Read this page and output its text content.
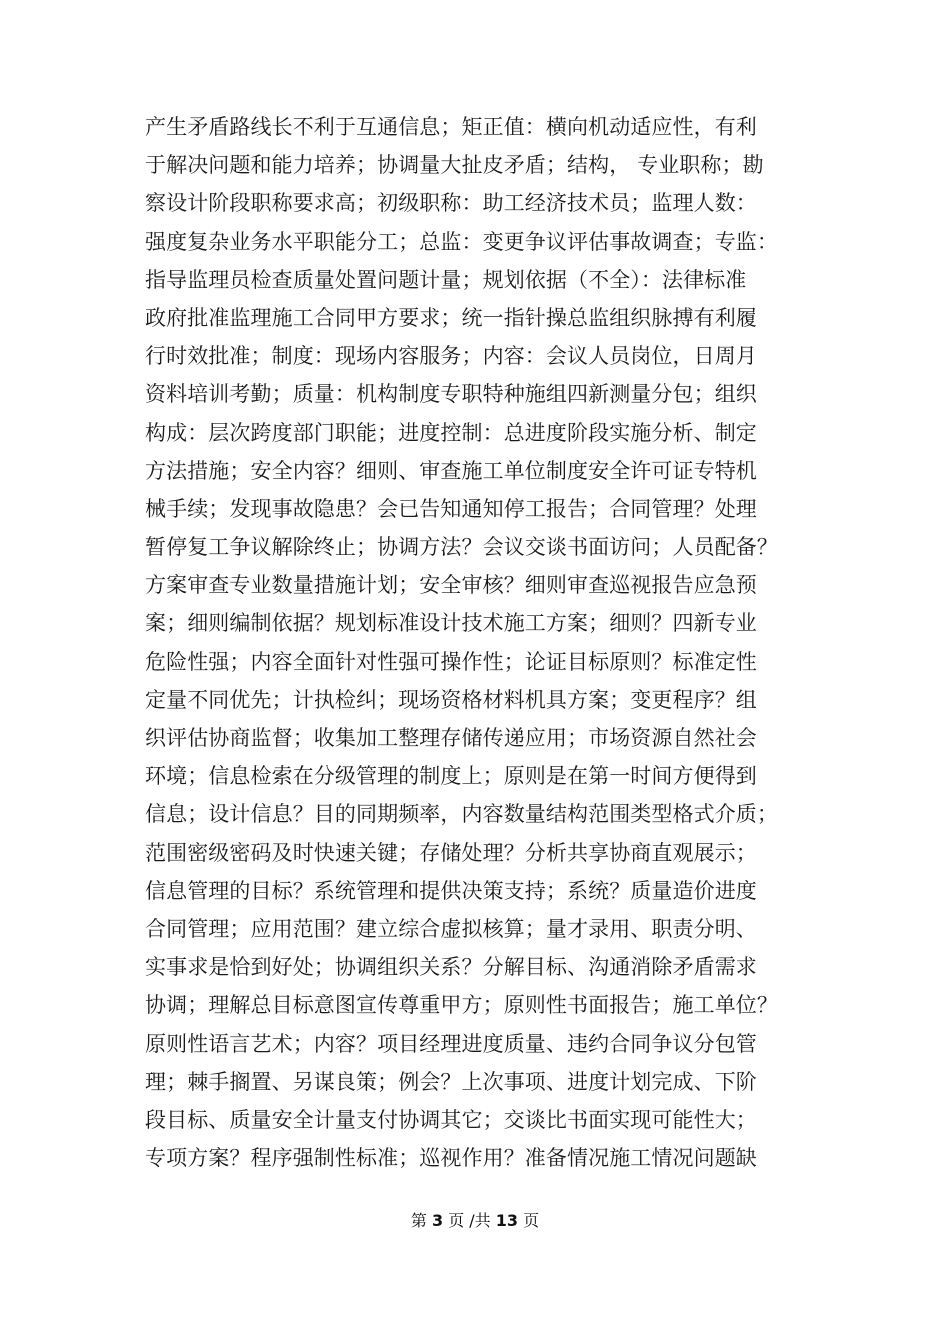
产生矛盾路线长不利于互通信息；矩正值：横向机动适应性，有利
于解决问题和能力培养；协调量大扯皮矛盾；结构， 专业职称；勘
察设计阶段职称要求高；初级职称：助工经济技术员；监理人数：
强度复杂业务水平职能分工；总监：变更争议评估事故调查；专监：
指导监理员检查质量处置问题计量；规划依据（不全）：法律标准
政府批准监理施工合同甲方要求；统一指针操总监组织脉搏有利履
行时效批准；制度：现场内容服务；内容：会议人员岗位，日周月
资料培训考勤；质量：机构制度专职特种施组四新测量分包；组织
构成：层次跨度部门职能；进度控制：总进度阶段实施分析、制定
方法措施；安全内容？细则、审查施工单位制度安全许可证专特机
械手续；发现事故隐患？会已告知通知停工报告；合同管理？处理
暂停复工争议解除终止；协调方法？会议交谈书面访问；人员配备？
方案审查专业数量措施计划；安全审核？细则审查巡视报告应急预
案；细则编制依据？规划标准设计技术施工方案；细则？四新专业
危险性强；内容全面针对性强可操作性；论证目标原则？标准定性
定量不同优先；计执检纠；现场资格材料机具方案；变更程序？组
织评估协商监督；收集加工整理存储传递应用；市场资源自然社会
环境；信息检索在分级管理的制度上；原则是在第一时间方便得到
信息；设计信息？目的同期频率，内容数量结构范围类型格式介质；
范围密级密码及时快速关键；存储处理？分析共享协商直观展示；
信息管理的目标？系统管理和提供决策支持；系统？质量造价进度
合同管理；应用范围？建立综合虚拟核算；量才录用、职责分明、
实事求是恰到好处；协调组织关系？分解目标、沟通消除矛盾需求
协调；理解总目标意图宣传尊重甲方；原则性书面报告；施工单位？
原则性语言艺术；内容？项目经理进度质量、违约合同争议分包管
理；棘手搁置、另谋良策；例会？上次事项、进度计划完成、下阶
段目标、质量安全计量支付协调其它；交谈比书面实现可能性大；
专项方案？程序强制性标准；巡视作用？准备情况施工情况问题缺
第 3 页 /共 13 页
